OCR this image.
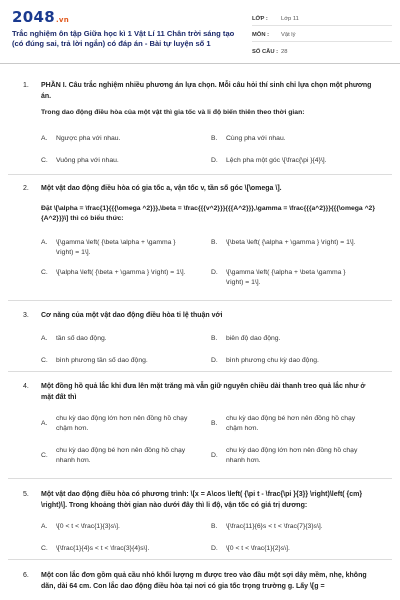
2048.vn
Trắc nghiệm ôn tập Giữa học kì 1 Vật Lí 11 Chân trời sáng tạo (có đúng sai, trả lời ngắn) có đáp án - Bài tự luyện số 1
LỚP :	Lớp 11
MÔN :	Vật lý
SỐ CÂU : 28
1. PHẦN I. Câu trắc nghiệm nhiều phương án lựa chọn. Mỗi câu hỏi thí sinh chỉ lựa chọn một phương án.
Trong dao động điều hòa của một vật thì gia tốc và li độ biến thiên theo thời gian:
A. Ngược pha với nhau.	B. Cùng pha với nhau.
C. Vuông pha với nhau.	D. Lệch pha một góc \[\frac{\pi }{4}\].
2. Một vật dao động điều hòa có gia tốc a, vận tốc v, tần số góc \[\omega \].
Đặt \[\alpha = \frac{1}{{{\omega ^2}}},\beta = \frac{{{v^2}}}{{{A^2}}},\gamma = \frac{{{a^2}}}{{{\omega ^2}{A^2}}}\] thì có biểu thức:
A. \[\gamma \left( {\beta \alpha + \gamma } \right) = 1\].
B. \[\beta \left( {\alpha + \gamma } \right) = 1\].
C. \[\alpha \left( {\beta + \gamma } \right) = 1\].	D. \[\gamma \left( {\alpha + \beta \gamma } \right) = 1\].
3. Cơ năng của một vật dao động điều hòa tỉ lệ thuận với
A. tần số dao động.	B. biên độ dao động.
C. bình phương tần số dao động.	D. bình phương chu kỳ dao động.
4. Một đồng hồ quả lắc khi đưa lên mặt trăng mà vẫn giữ nguyên chiều dài thanh treo quả lắc như ở mặt đất thì
A.
chu kỳ dao động lớn hơn nên đồng hồ chạy chậm hơn.
B.
chu kỳ dao động bé hơn nên đồng hồ chạy chậm hơn.
C.
chu kỳ dao động bé hơn nên đồng hồ chạy nhanh hơn.
D.
chu kỳ dao động lớn hơn nên đồng hồ chạy nhanh hơn.
5. Một vật dao động điều hòa có phương trình: \[x = A\cos \left( {\pi t - \frac{\pi }{3}} \right)\left( {cm} \right)\]. Trong khoảng thời gian nào dưới đây thì li độ, vận tốc có giá trị dương:
A. \[0 < t < \frac{1}{3}s\].	B. \[\frac{11}{6}s < t < \frac{7}{3}s\].
C. \[\frac{1}{4}s < t < \frac{3}{4}s\].	D. \[0 < t < \frac{1}{2}s\].
6. Một con lắc đơn gồm quả cầu nhỏ khối lượng m được treo vào đầu một sợi dây mềm, nhẹ, không dãn, dài 64 cm. Con lắc dao động điều hòa tại nơi có gia tốc trọng trường g. Lấy \[g =
